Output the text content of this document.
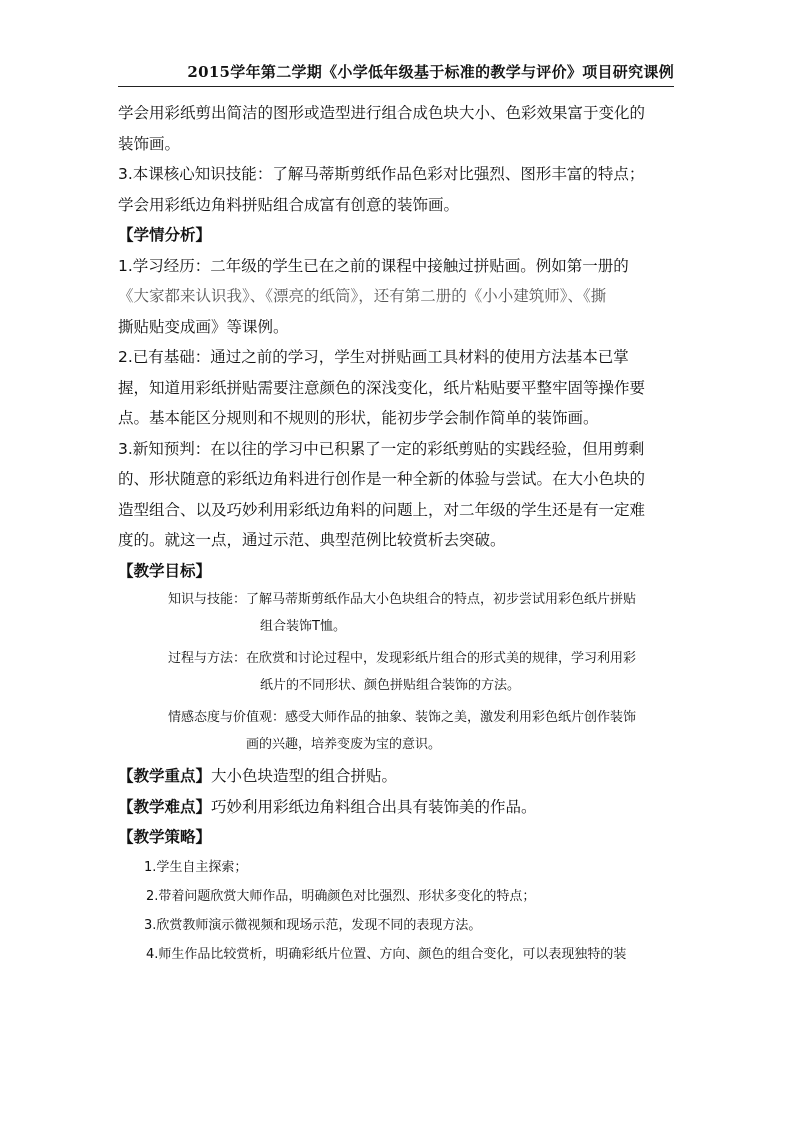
2015学年第二学期《小学低年级基于标准的教学与评价》项目研究课例
学会用彩纸剪出简洁的图形或造型进行组合成色块大小、色彩效果富于变化的
装饰画。
3.本课核心知识技能：了解马蒂斯剪纸作品色彩对比强烈、图形丰富的特点；
学会用彩纸边角料拼贴组合成富有创意的装饰画。
【学情分析】
1.学习经历：二年级的学生已在之前的课程中接触过拼贴画。例如第一册的
《大家都来认识我》、《漂亮的纸筒》，还有第二册的《小小建筑师》、《撕
撕贴贴变成画》等课例。
2.已有基础：通过之前的学习，学生对拼贴画工具材料的使用方法基本已掌
握，知道用彩纸拼贴需要注意颜色的深浅变化，纸片粘贴要平整牢固等操作要
点。基本能区分规则和不规则的形状，能初步学会制作简单的装饰画。
3.新知预判：在以往的学习中已积累了一定的彩纸剪贴的实践经验，但用剪剩
的、形状随意的彩纸边角料进行创作是一种全新的体验与尝试。在大小色块的
造型组合、以及巧妙利用彩纸边角料的问题上，对二年级的学生还是有一定难
度的。就这一点，通过示范、典型范例比较赏析去突破。
【教学目标】
知识与技能：了解马蒂斯剪纸作品大小色块组合的特点，初步尝试用彩色纸片拼贴
组合装饰T恤。
过程与方法：在欣赏和讨论过程中，发现彩纸片组合的形式美的规律，学习利用彩
纸片的不同形状、颜色拼贴组合装饰的方法。
情感态度与价值观：感受大师作品的抽象、装饰之美，激发利用彩色纸片创作装饰
画的兴趣，培养变废为宝的意识。
【教学重点】大小色块造型的组合拼贴。
【教学难点】巧妙利用彩纸边角料组合出具有装饰美的作品。
【教学策略】
1.学生自主探索；
2.带着问题欣赏大师作品，明确颜色对比强烈、形状多变化的特点；
3.欣赏教师演示微视频和现场示范，发现不同的表现方法。
4.师生作品比较赏析，明确彩纸片位置、方向、颜色的组合变化，可以表现独特的装
